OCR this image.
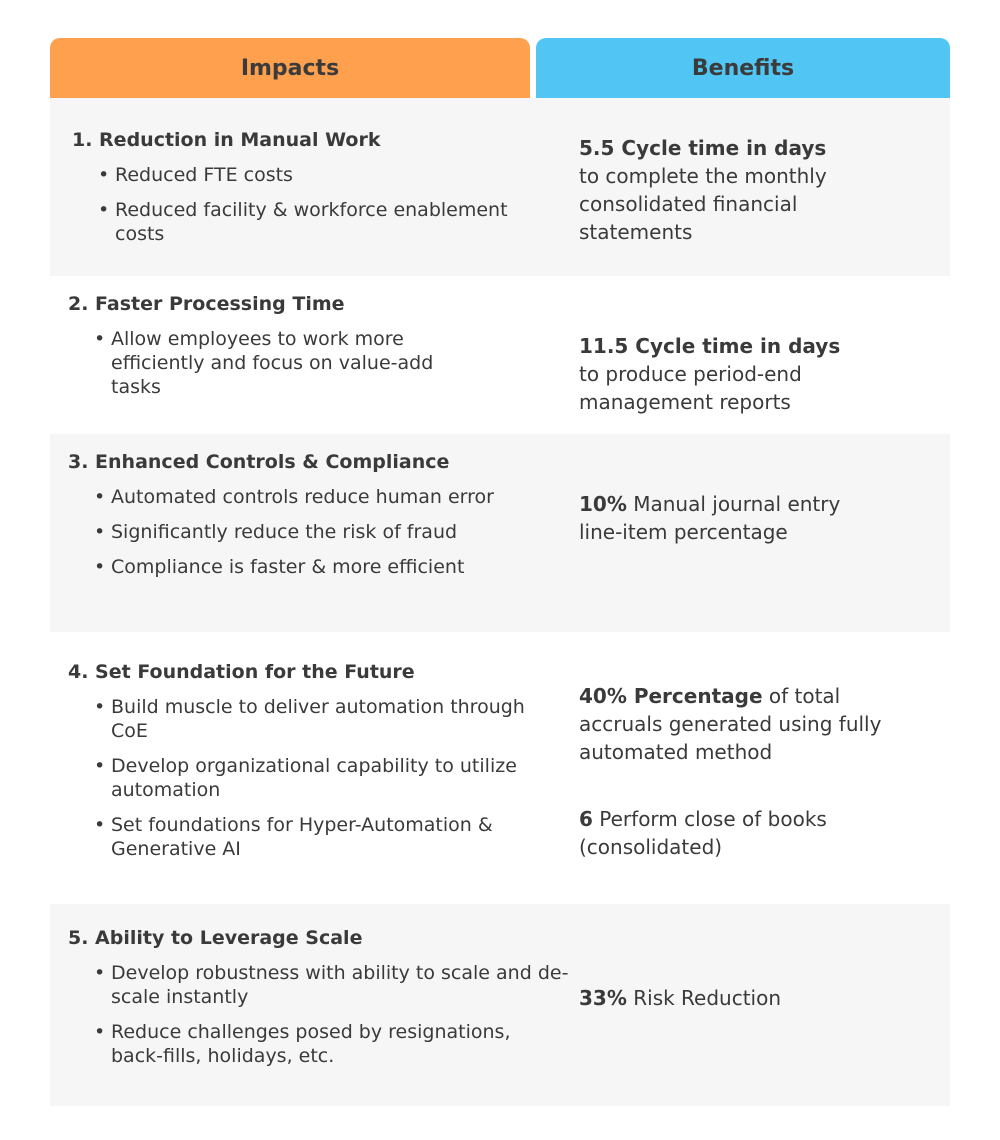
Impacts	Benefits
1. Reduction in Manual Work
• Reduced FTE costs
• Reduced facility & workforce enablement costs

5.5 Cycle time in days
to complete the monthly consolidated financial statements

2. Faster Processing Time
• Allow employees to work more efficiently and focus on value-add tasks

11.5 Cycle time in days
to produce period-end management reports

3. Enhanced Controls & Compliance
• Automated controls reduce human error
• Significantly reduce the risk of fraud
• Compliance is faster & more efficient

10% Manual journal entry line-item percentage

4. Set Foundation for the Future
• Build muscle to deliver automation through CoE
• Develop organizational capability to utilize automation
• Set foundations for Hyper-Automation & Generative AI

40% Percentage of total accruals generated using fully automated method

6 Perform close of books (consolidated)

5. Ability to Leverage Scale
• Develop robustness with ability to scale and de-scale instantly
• Reduce challenges posed by resignations, back-fills, holidays, etc.

33% Risk Reduction
